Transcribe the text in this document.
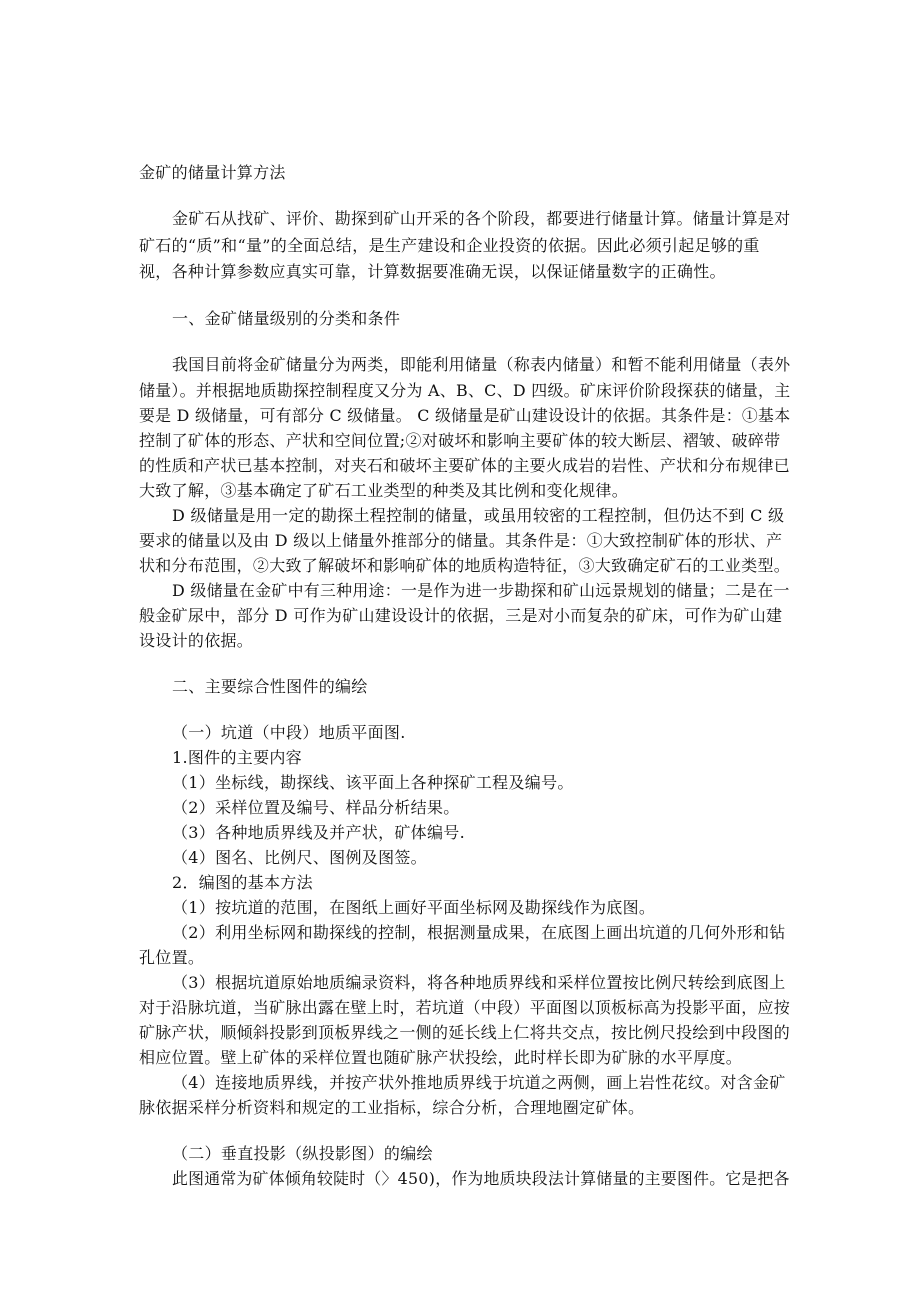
金矿的储量计算方法
金矿石从找矿、评价、勘探到矿山开采的各个阶段，都要进行储量计算。储量计算是对
矿石的“质”和“量”的全面总结，是生产建设和企业投资的依据。因此必须引起足够的重
视，各种计算参数应真实可靠，计算数据要准确无误，以保证储量数字的正确性。
一、金矿储量级别的分类和条件
我国目前将金矿储量分为两类，即能利用储量（称表内储量）和暂不能利用储量（表外
储量）。并根据地质勘探控制程度又分为 A、B、C、D 四级。矿床评价阶段探获的储量，主
要是 D 级储量，可有部分 C 级储量。 C 级储量是矿山建设设计的依据。其条件是：①基本
控制了矿体的形态、产状和空间位置;②对破坏和影响主要矿体的较大断层、褶皱、破碎带
的性质和产状已基本控制，对夹石和破坏主要矿体的主要火成岩的岩性、产状和分布规律已
大致了解，③基本确定了矿石工业类型的种类及其比例和变化规律。
D 级储量是用一定的勘探土程控制的储量，或虽用较密的工程控制，但仍达不到 C 级
要求的储量以及由 D 级以上储量外推部分的储量。其条件是：①大致控制矿体的形状、产
状和分布范围，②大致了解破坏和影响矿体的地质构造特征，③大致确定矿石的工业类型。
D 级储量在金矿中有三种用途：一是作为进一步勘探和矿山远景规划的储量；二是在一
般金矿尿中，部分 D 可作为矿山建设设计的依据，三是对小而复杂的矿床，可作为矿山建
设设计的依据。
二、主要综合性图件的编绘
（一）坑道（中段）地质平面图.
1.图件的主要内容
（1）坐标线，勘探线、该平面上各种探矿工程及编号。
（2）采样位置及编号、样品分析结果。
（3）各种地质界线及并产状，矿体编号.
（4）图名、比例尺、图例及图签。
2．编图的基本方法
（1）按坑道的范围，在图纸上画好平面坐标网及勘探线作为底图。
（2）利用坐标网和勘探线的控制，根据测量成果，在底图上画出坑道的几何外形和钻
孔位置。
（3）根据坑道原始地质编录资料，将各种地质界线和采样位置按比例尺转绘到底图上
对于沿脉坑道，当矿脉出露在壁上时，若坑道（中段）平面图以顶板标高为投影平面，应按
矿脉产状，顺倾斜投影到顶板界线之一侧的延长线上仁将共交点，按比例尺投绘到中段图的
相应位置。壁上矿体的采样位置也随矿脉产状投绘，此时样长即为矿脉的水平厚度。
（4）连接地质界线，并按产状外推地质界线于坑道之两侧，画上岩性花纹。对含金矿
脉依据采样分析资料和规定的工业指标，综合分析，合理地圈定矿体。
（二）垂直投影（纵投影图）的编绘
此图通常为矿体倾角较陡时（〉450)，作为地质块段法计算储量的主要图件。它是把各
